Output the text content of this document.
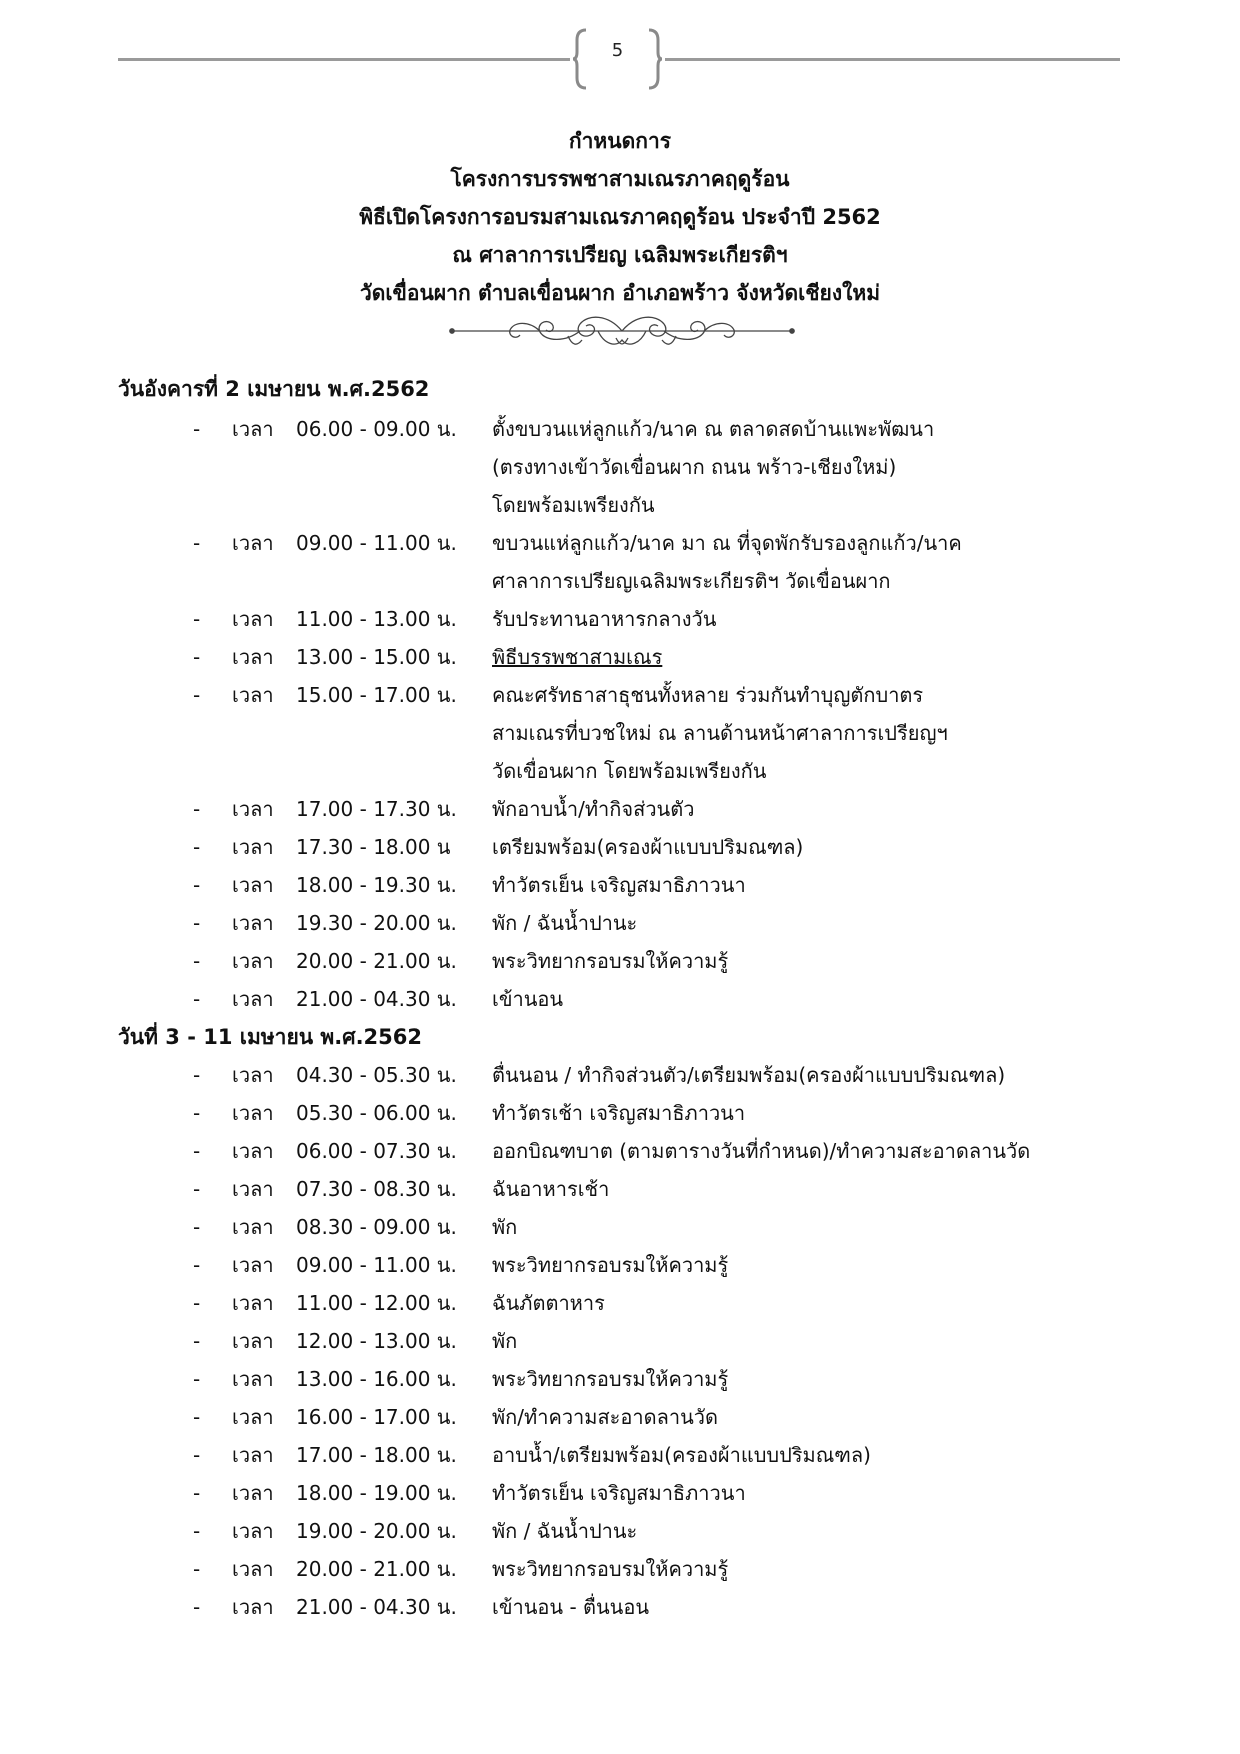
5
กำหนดการ
โครงการบรรพชาสามเณรภาคฤดูร้อน
พิธีเปิดโครงการอบรมสามเณรภาคฤดูร้อน ประจำปี 2562
ณ ศาลาการเปรียญ เฉลิมพระเกียรติฯ
วัดเขื่อนผาก ตำบลเขื่อนผาก อำเภอพร้าว จังหวัดเชียงใหม่
วันอังคารที่ 2 เมษายน พ.ศ.2562
- เวลา 06.00 - 09.00 น. ตั้งขบวนแห่ลูกแก้ว/นาค ณ ตลาดสดบ้านแพะพัฒนา
(ตรงทางเข้าวัดเขื่อนผาก ถนน พร้าว-เชียงใหม่)
โดยพร้อมเพรียงกัน
- เวลา 09.00 - 11.00 น. ขบวนแห่ลูกแก้ว/นาค มา ณ ที่จุดพักรับรองลูกแก้ว/นาค
ศาลาการเปรียญเฉลิมพระเกียรติฯ วัดเขื่อนผาก
- เวลา 11.00 - 13.00 น. รับประทานอาหารกลางวัน
- เวลา 13.00 - 15.00 น. พิธีบรรพชาสามเณร
- เวลา 15.00 - 17.00 น. คณะศรัทธาสาธุชนทั้งหลาย ร่วมกันทำบุญตักบาตร
สามเณรที่บวชใหม่ ณ ลานด้านหน้าศาลาการเปรียญฯ
วัดเขื่อนผาก โดยพร้อมเพรียงกัน
- เวลา 17.00 - 17.30 น. พักอาบน้ำ/ทำกิจส่วนตัว
- เวลา 17.30 - 18.00 น เตรียมพร้อม(ครองผ้าแบบปริมณฑล)
- เวลา 18.00 - 19.30 น. ทำวัตรเย็น เจริญสมาธิภาวนา
- เวลา 19.30 - 20.00 น. พัก / ฉันน้ำปานะ
- เวลา 20.00 - 21.00 น. พระวิทยากรอบรมให้ความรู้
- เวลา 21.00 - 04.30 น. เข้านอน
วันที่ 3 - 11 เมษายน พ.ศ.2562
- เวลา 04.30 - 05.30 น. ตื่นนอน / ทำกิจส่วนตัว/เตรียมพร้อม(ครองผ้าแบบปริมณฑล)
- เวลา 05.30 - 06.00 น. ทำวัตรเช้า เจริญสมาธิภาวนา
- เวลา 06.00 - 07.30 น. ออกบิณฑบาต (ตามตารางวันที่กำหนด)/ทำความสะอาดลานวัด
- เวลา 07.30 - 08.30 น. ฉันอาหารเช้า
- เวลา 08.30 - 09.00 น. พัก
- เวลา 09.00 - 11.00 น. พระวิทยากรอบรมให้ความรู้
- เวลา 11.00 - 12.00 น. ฉันภัตตาหาร
- เวลา 12.00 - 13.00 น. พัก
- เวลา 13.00 - 16.00 น. พระวิทยากรอบรมให้ความรู้
- เวลา 16.00 - 17.00 น. พัก/ทำความสะอาดลานวัด
- เวลา 17.00 - 18.00 น. อาบน้ำ/เตรียมพร้อม(ครองผ้าแบบปริมณฑล)
- เวลา 18.00 - 19.00 น. ทำวัตรเย็น เจริญสมาธิภาวนา
- เวลา 19.00 - 20.00 น. พัก / ฉันน้ำปานะ
- เวลา 20.00 - 21.00 น. พระวิทยากรอบรมให้ความรู้
- เวลา 21.00 - 04.30 น. เข้านอน - ตื่นนอน
